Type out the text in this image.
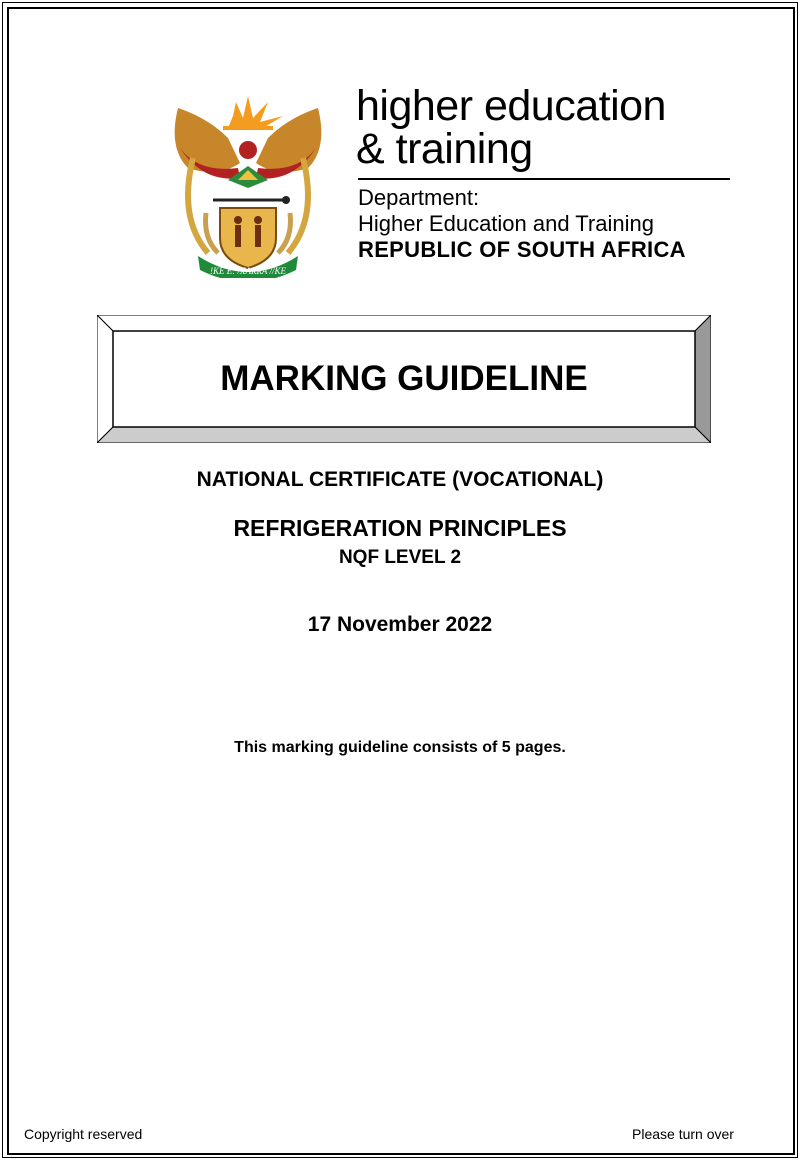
!KE E: /XARRA //KE
higher education
& training
Department:
Higher Education and Training
REPUBLIC OF SOUTH AFRICA
MARKING GUIDELINE
NATIONAL CERTIFICATE (VOCATIONAL)
REFRIGERATION PRINCIPLES
NQF LEVEL 2
17 November 2022
This marking guideline consists of 5 pages.
Copyright reserved	Please turn over
